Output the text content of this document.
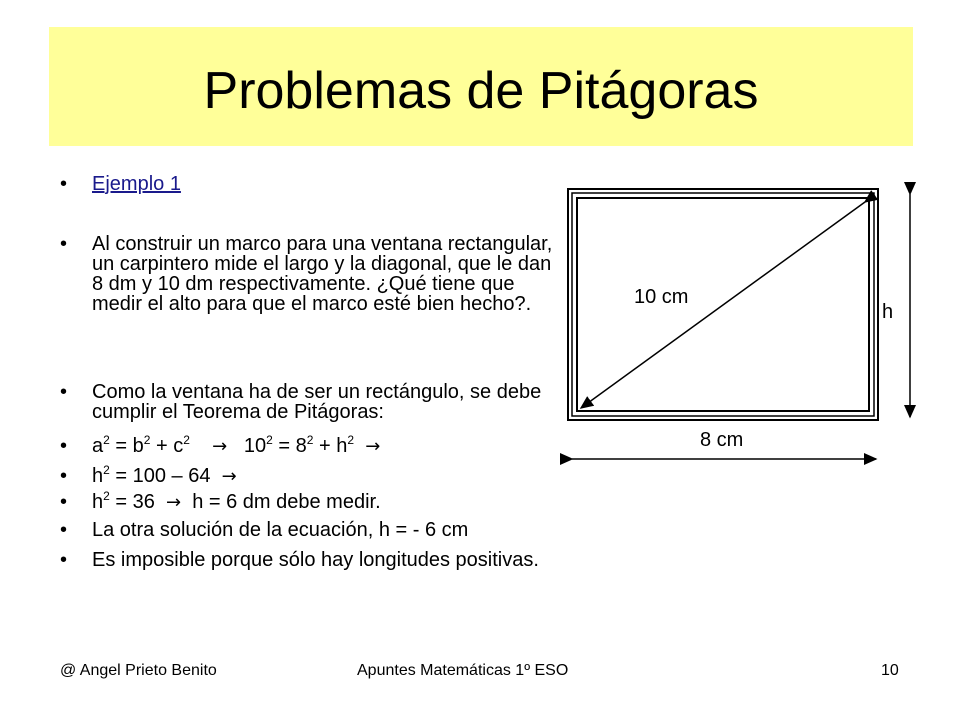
Problemas de Pitágoras
• Ejemplo 1
• Al construir un marco para una ventana rectangular, un carpintero mide el largo y la diagonal, que le dan 8 dm y 10 dm respectivamente. ¿Qué tiene que medir el alto para que el marco esté bien hecho?.
• Como la ventana ha de ser un rectángulo, se debe cumplir el Teorema de Pitágoras:
• $a^2 = b^2 + c^2 \to 10^2 = 8^2 + h^2$ →
• $h^2 = 100 - 64$  →
• $h^2 = 36 \to h = 6$ dm debe medir.
• La otra solución de la ecuación, h = - 6 cm
• Es imposible porque sólo hay longitudes positivas.
10 cm
h
8 cm
@ Angel Prieto Benito	Apuntes Matemáticas 1º ESO	10
